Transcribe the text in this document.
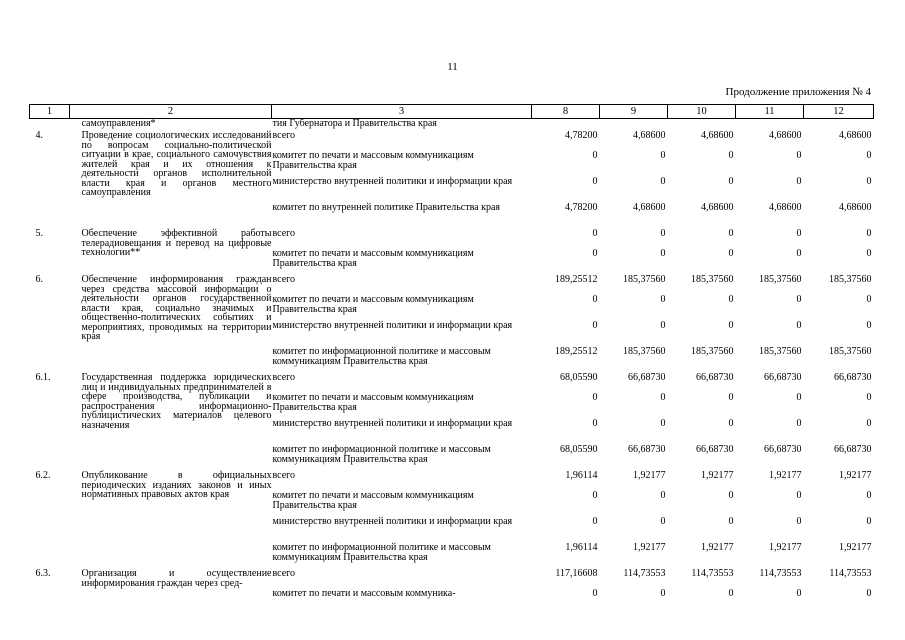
11
Продолжение приложения № 4
1	2	3	8	9	10	11	12
	самоуправления*	тия Губернатора и Правительства края					
4.	Проведение социологических исследований по вопросам социально-политической ситуации в крае, социального самочувствия жителей края и их отношения к деятельности органов исполнительной власти края и органов местного самоуправления	всего	4,78200	4,68600	4,68600	4,68600	4,68600
		комитет по печати и массовым коммуникациям Правительства края	0	0	0	0	0
		министерство внутренней политики и информации края	0	0	0	0	0
		комитет по внутренней политике Правительства края	4,78200	4,68600	4,68600	4,68600	4,68600
5.	Обеспечение эффективной работы телерадиовещания и перевод на цифровые технологии**	всего	0	0	0	0	0
		комитет по печати и массовым коммуникациям Правительства края	0	0	0	0	0
6.	Обеспечение информирования граждан через средства массовой информации о деятельности органов государственной власти края, социально значимых и общественно-политических событиях и мероприятиях, проводимых на территории края	всего	189,25512	185,37560	185,37560	185,37560	185,37560
		комитет по печати и массовым коммуникациям Правительства края	0	0	0	0	0
		министерство внутренней политики и информации края	0	0	0	0	0
		комитет по информационной политике и массовым коммуникациям Правительства края	189,25512	185,37560	185,37560	185,37560	185,37560
6.1.	Государственная поддержка юридических лиц и индивидуальных предпринимателей в сфере производства, публикации и распространения информационно-публицистических материалов целевого назначения	всего	68,05590	66,68730	66,68730	66,68730	66,68730
		комитет по печати и массовым коммуникациям Правительства края	0	0	0	0	0
		министерство внутренней политики и информации края	0	0	0	0	0
		комитет по информационной политике и массовым коммуникациям Правительства края	68,05590	66,68730	66,68730	66,68730	66,68730
6.2.	Опубликование в официальных периодических изданиях законов и иных нормативных правовых актов края	всего	1,96114	1,92177	1,92177	1,92177	1,92177
		комитет по печати и массовым коммуникациям Правительства края	0	0	0	0	0
		министерство внутренней политики и информации края	0	0	0	0	0
		комитет по информационной политике и массовым коммуникациям Правительства края	1,96114	1,92177	1,92177	1,92177	1,92177
6.3.	Организация и осуществление информирования граждан через сред-	всего	117,16608	114,73553	114,73553	114,73553	114,73553
		комитет по печати и массовым коммуника-	0	0	0	0	0
